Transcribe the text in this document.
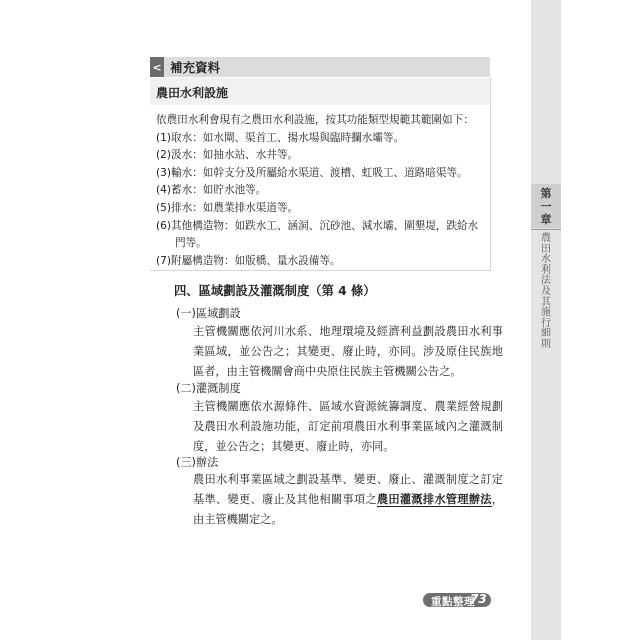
第
一
章
農田水利法及其施行細則
< 補充資料
農田水利設施

依農田水利會現有之農田水利設施，按其功能類型規範其範圍如下：

(1)取水：如水閘、渠首工、揚水場與臨時攔水壩等。

(2)汲水：如抽水站、水井等。

(3)輸水：如幹支分及所屬給水渠道、渡槽、虹吸工、道路暗渠等。

(4)蓄水：如貯水池等。

(5)排水：如農業排水渠道等。

(6)其他構造物：如跌水工、涵洞、沉砂池、減水壩、圍墾堤，跌給水門等。

(7)附屬構造物：如版橋、量水設備等。

四、區域劃設及灌溉制度（第 4 條）
(一)區域劃設
主管機關應依河川水系、地理環境及經濟利益劃設農田水利事業區域，並公告之；其變更、廢止時，亦同。涉及原住民族地區者，由主管機關會商中央原住民族主管機關公告之。
(二)灌溉制度
主管機關應依水源條件、區域水資源統籌調度、農業經營規劃及農田水利設施功能，訂定前項農田水利事業區域內之灌溉制度，並公告之；其變更、廢止時，亦同。
(三)辦法
農田水利事業區域之劃設基準、變更、廢止、灌溉制度之訂定基準、變更、廢止及其他相關事項之農田灌溉排水管理辦法，由主管機關定之。
重點整理
73
